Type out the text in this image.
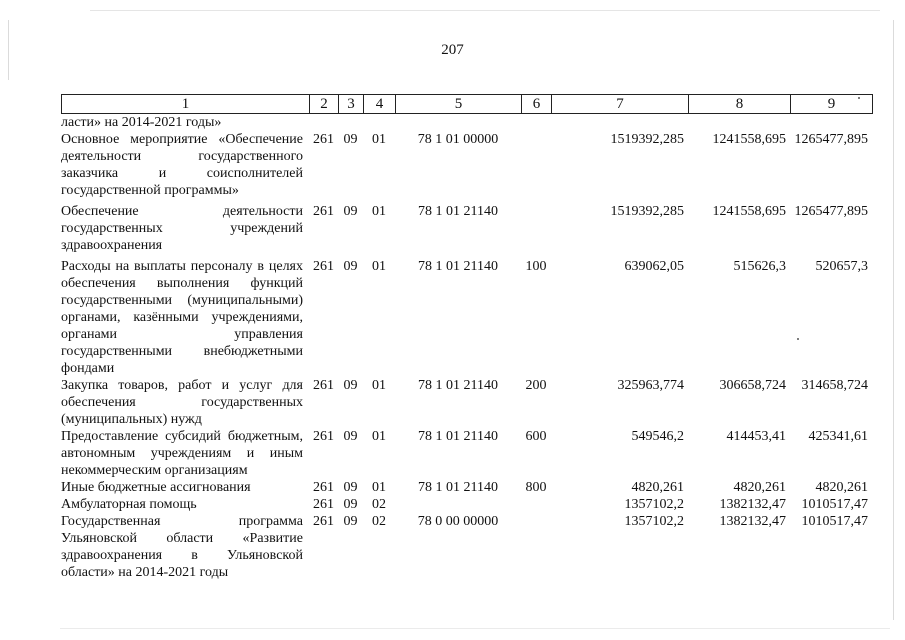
207
1	2	3	4	5	6	7	8	9
ласти» на 2014-2021 годы»								
Основное мероприятие «Обеспечение деятельности государственного заказчика и соисполнителей государственной программы»	261	09	01	78 1 01 00000		1519392,285	1241558,695	1265477,895

Обеспечение деятельности государственных учреждений здравоохранения	261	09	01	78 1 01 21140		1519392,285	1241558,695	1265477,895

Расходы на выплаты персоналу в целях обеспечения выполнения функций государственными (муниципальными) органами, казёнными учреждениями, органами управления государственными внебюджетными фондами	261	09	01	78 1 01 21140	100	639062,05	515626,3	520657,3
Закупка товаров, работ и услуг для обеспечения государственных (муниципальных) нужд	261	09	01	78 1 01 21140	200	325963,774	306658,724	314658,724
Предоставление субсидий бюджетным, автономным учреждениям и иным некоммерческим организациям	261	09	01	78 1 01 21140	600	549546,2	414453,41	425341,61
Иные бюджетные ассигнования	261	09	01	78 1 01 21140	800	4820,261	4820,261	4820,261
Амбулаторная помощь	261	09	02			1357102,2	1382132,47	1010517,47
Государственная программа Ульяновской области «Развитие здравоохранения в Ульяновской области» на 2014-2021 годы	261	09	02	78 0 00 00000		1357102,2	1382132,47	1010517,47
